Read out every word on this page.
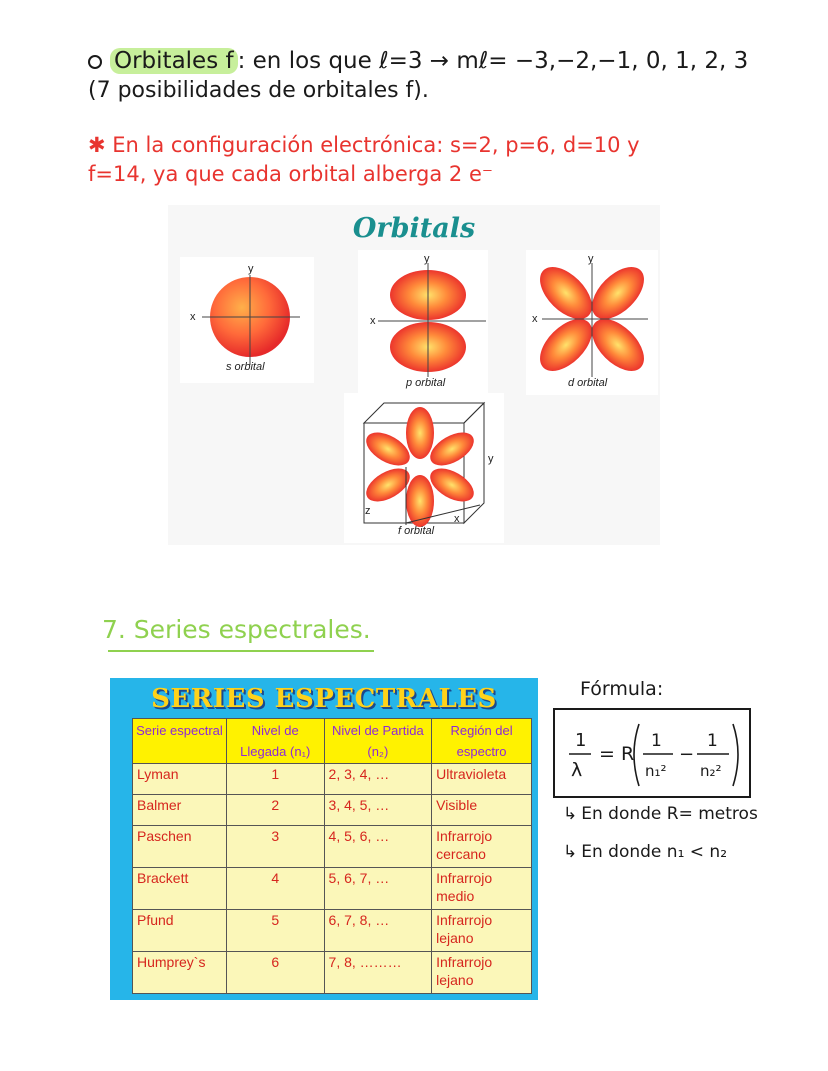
Orbitales f : en los que ℓ=3 → mℓ= −3,−2,−1, 0, 1, 2, 3
(7 posibilidades de orbitales f).
✱ En la configuración electrónica: s=2, p=6, d=10 y
f=14, ya que cada orbital alberga 2 e⁻
Orbitals
x
y
s orbital
x
y
p orbital
x
y
d orbital
y
z
x
f orbital
7. Series espectrales.
SERIES ESPECTRALES
Serie espectral	Nivel de Llegada (n₁)	Nivel de Partida (n₂)	Región del espectro
Lyman	1	2, 3, 4, …	Ultravioleta
Balmer	2	3, 4, 5, …	Visible
Paschen	3	4, 5, 6, …	Infrarrojo cercano
Brackett	4	5, 6, 7, …	Infrarrojo medio
Pfund	5	6, 7, 8, …	Infrarrojo lejano
Humprey`s	6	7, 8, ………	Infrarrojo lejano
Fórmula:
1
λ
= R
1
n₁²
−
1
n₂²
↳ En donde R= metros
↳ En donde n₁ < n₂
